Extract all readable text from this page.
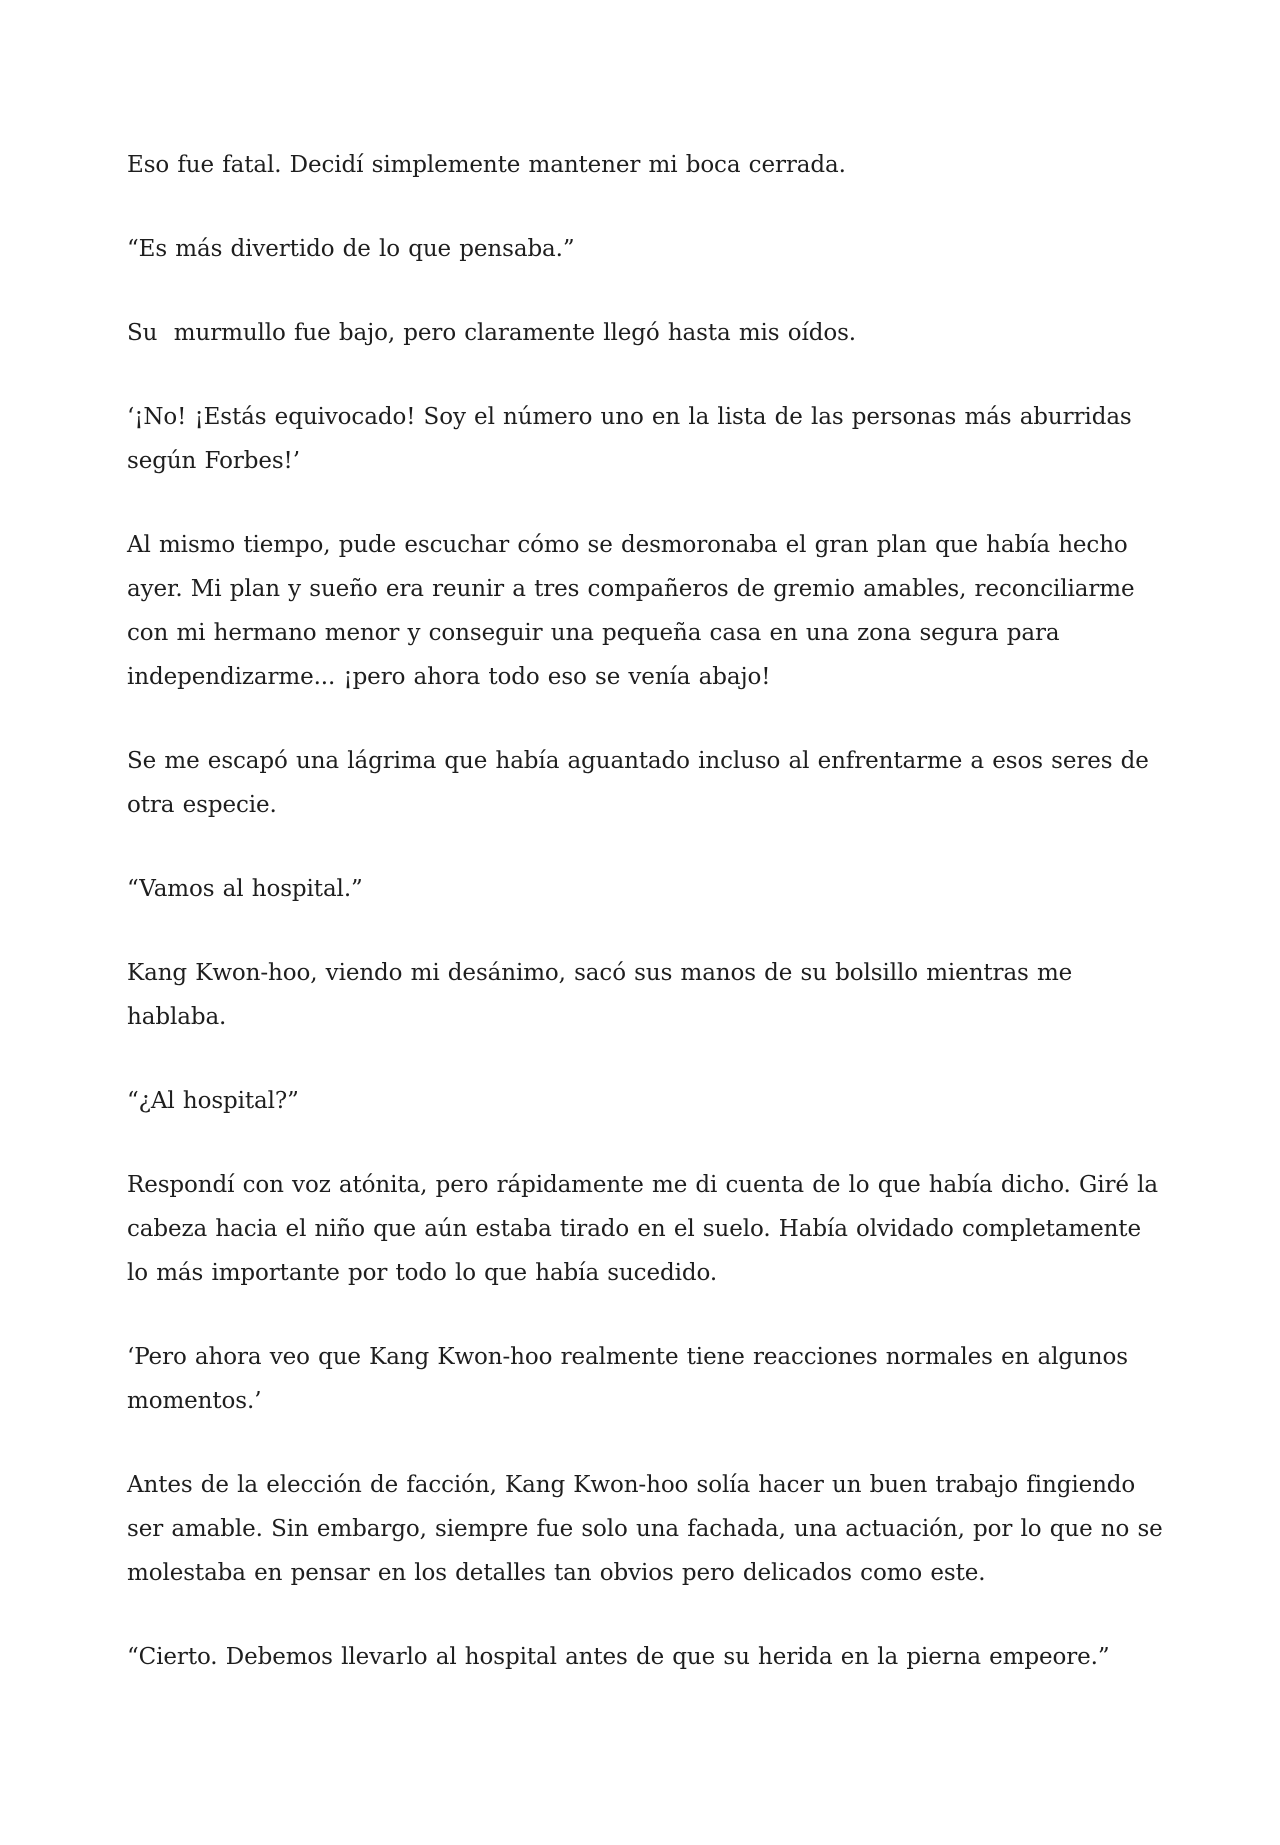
Eso fue fatal. Decidí simplemente mantener mi boca cerrada.

“Es más divertido de lo que pensaba.”

Su  murmullo fue bajo, pero claramente llegó hasta mis oídos.

‘¡No! ¡Estás equivocado! Soy el número uno en la lista de las personas más aburridas según Forbes!’

Al mismo tiempo, pude escuchar cómo se desmoronaba el gran plan que había hecho ayer. Mi plan y sueño era reunir a tres compañeros de gremio amables, reconciliarme con mi hermano menor y conseguir una pequeña casa en una zona segura para independizarme... ¡pero ahora todo eso se venía abajo!

Se me escapó una lágrima que había aguantado incluso al enfrentarme a esos seres de otra especie.

“Vamos al hospital.”

Kang Kwon-hoo, viendo mi desánimo, sacó sus manos de su bolsillo mientras me hablaba.

“¿Al hospital?”

Respondí con voz atónita, pero rápidamente me di cuenta de lo que había dicho. Giré la cabeza hacia el niño que aún estaba tirado en el suelo. Había olvidado completamente lo más importante por todo lo que había sucedido.

‘Pero ahora veo que Kang Kwon-hoo realmente tiene reacciones normales en algunos momentos.’

Antes de la elección de facción, Kang Kwon-hoo solía hacer un buen trabajo fingiendo ser amable. Sin embargo, siempre fue solo una fachada, una actuación, por lo que no se molestaba en pensar en los detalles tan obvios pero delicados como este.

“Cierto. Debemos llevarlo al hospital antes de que su herida en la pierna empeore.”
